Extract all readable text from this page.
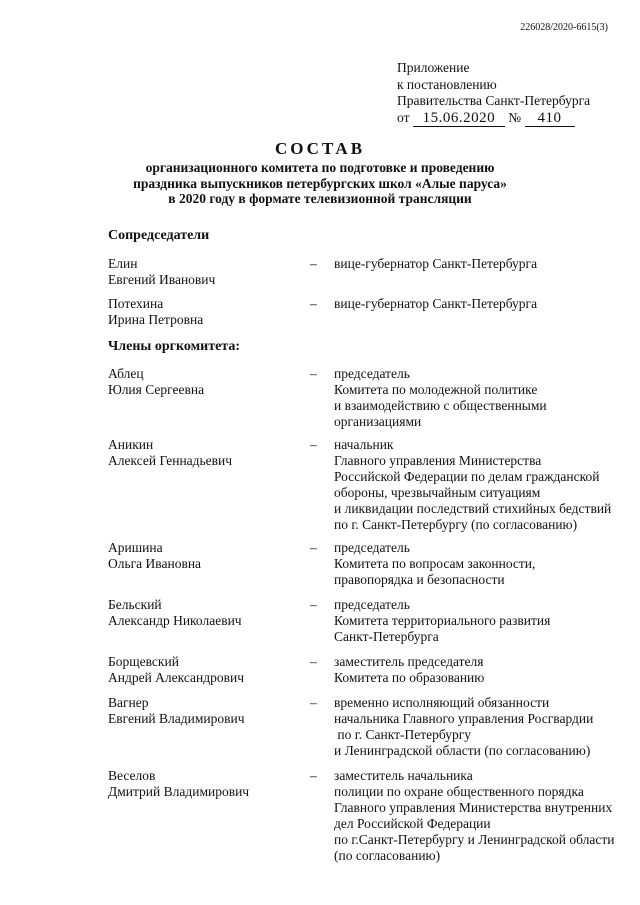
226028/2020-6615(3)
Приложение
к постановлению
Правительства Санкт-Петербурга
от 15.06.2020 № 410
СОСТАВ
организационного комитета по подготовке и проведению
праздника выпускников петербургских школ «Алые паруса»
в 2020 году в формате телевизионной трансляции
Сопредседатели
Елин
Евгений Иванович
– вице-губернатор Санкт-Петербурга
Потехина
Ирина Петровна
– вице-губернатор Санкт-Петербурга
Члены оргкомитета:
Аблец
Юлия Сергеевна
– председатель
Комитета по молодежной политике
и взаимодействию с общественными
организациями
Аникин
Алексей Геннадьевич
– начальник
Главного управления Министерства
Российской Федерации по делам гражданской
обороны, чрезвычайным ситуациям
и ликвидации последствий стихийных бедствий
по г. Санкт-Петербургу (по согласованию)
Аришина
Ольга Ивановна
– председатель
Комитета по вопросам законности,
правопорядка и безопасности
Бельский
Александр Николаевич
– председатель
Комитета территориального развития
Санкт-Петербурга
Борщевский
Андрей Александрович
– заместитель председателя
Комитета по образованию
Вагнер
Евгений Владимирович
– временно исполняющий обязанности
начальника Главного управления Росгвардии
по г. Санкт-Петербургу
и Ленинградской области (по согласованию)
Веселов
Дмитрий Владимирович
– заместитель начальника
полиции по охране общественного порядка
Главного управления Министерства внутренних
дел Российской Федерации
по г.Санкт-Петербургу и Ленинградской области
(по согласованию)
